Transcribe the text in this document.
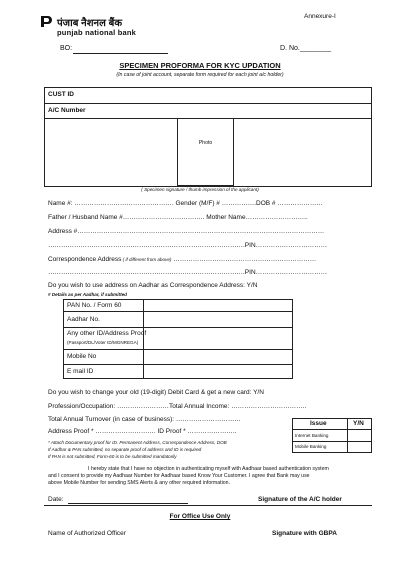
Annexure-I
पंजाब नैशनल बैंक
punjab national bank
BO:	D. No.________
SPECIMEN PROFORMA FOR KYC UPDATION
(In case of joint account, separate form required for each joint a/c holder)
CUST ID
A/C Number
Photo
( Specimen signature / thumb impression of the applicant)
Name #: ………………………………………. Gender (M/F) # …………….DOB # …………………
Father / Husband Name #……………………………….. Mother Name………………………..
Address #……………………………………………………………………………………………………
……………………………………………………………………………….PIN……………………………
Correspondence Address ( if different from above) …………………………………………………………
……………………………………………………………………………….PIN……………………………
Do you wish to use address on Aadhar as Correspondence Address: Y/N
# Details as per Aadhar, if submitted
PAN No. / Form 60
Aadhar No.
Any other ID/Address Proof
(Passport/DL/Voter ID/MGNREGA)
Mobile No
E mail ID
Do you wish to change your old (19-digit) Debit Card & get a new card: Y/N
Profession/Occupation: ……………………Total Annual Income: ……………………………..
Total Annual Turnover (in case of business): …………………………
Address Proof * ………………………. ID Proof * …………………..
* Attach Documentary proof for ID. Permanent Address, Correspondence Address, DOB
If Aadhar & PAN submitted, no separate proof of address and ID is required
If PAN is not submitted, Form-60 is to be submitted mandatorily
Issue	Y/N
Internet Banking
Mobile Banking
I hereby state that I have no objection in authenticating myself with Aadhaar based authentication system
and I consent to provide my Aadhaar Number for Aadhaar based Know Your Customer. I agree that Bank may use
above Mobile Number for sending SMS Alerts & any other required information.
Date:	Signature of the A/C holder
For Office Use Only
Name of Authorized Officer	Signature with GBPA
